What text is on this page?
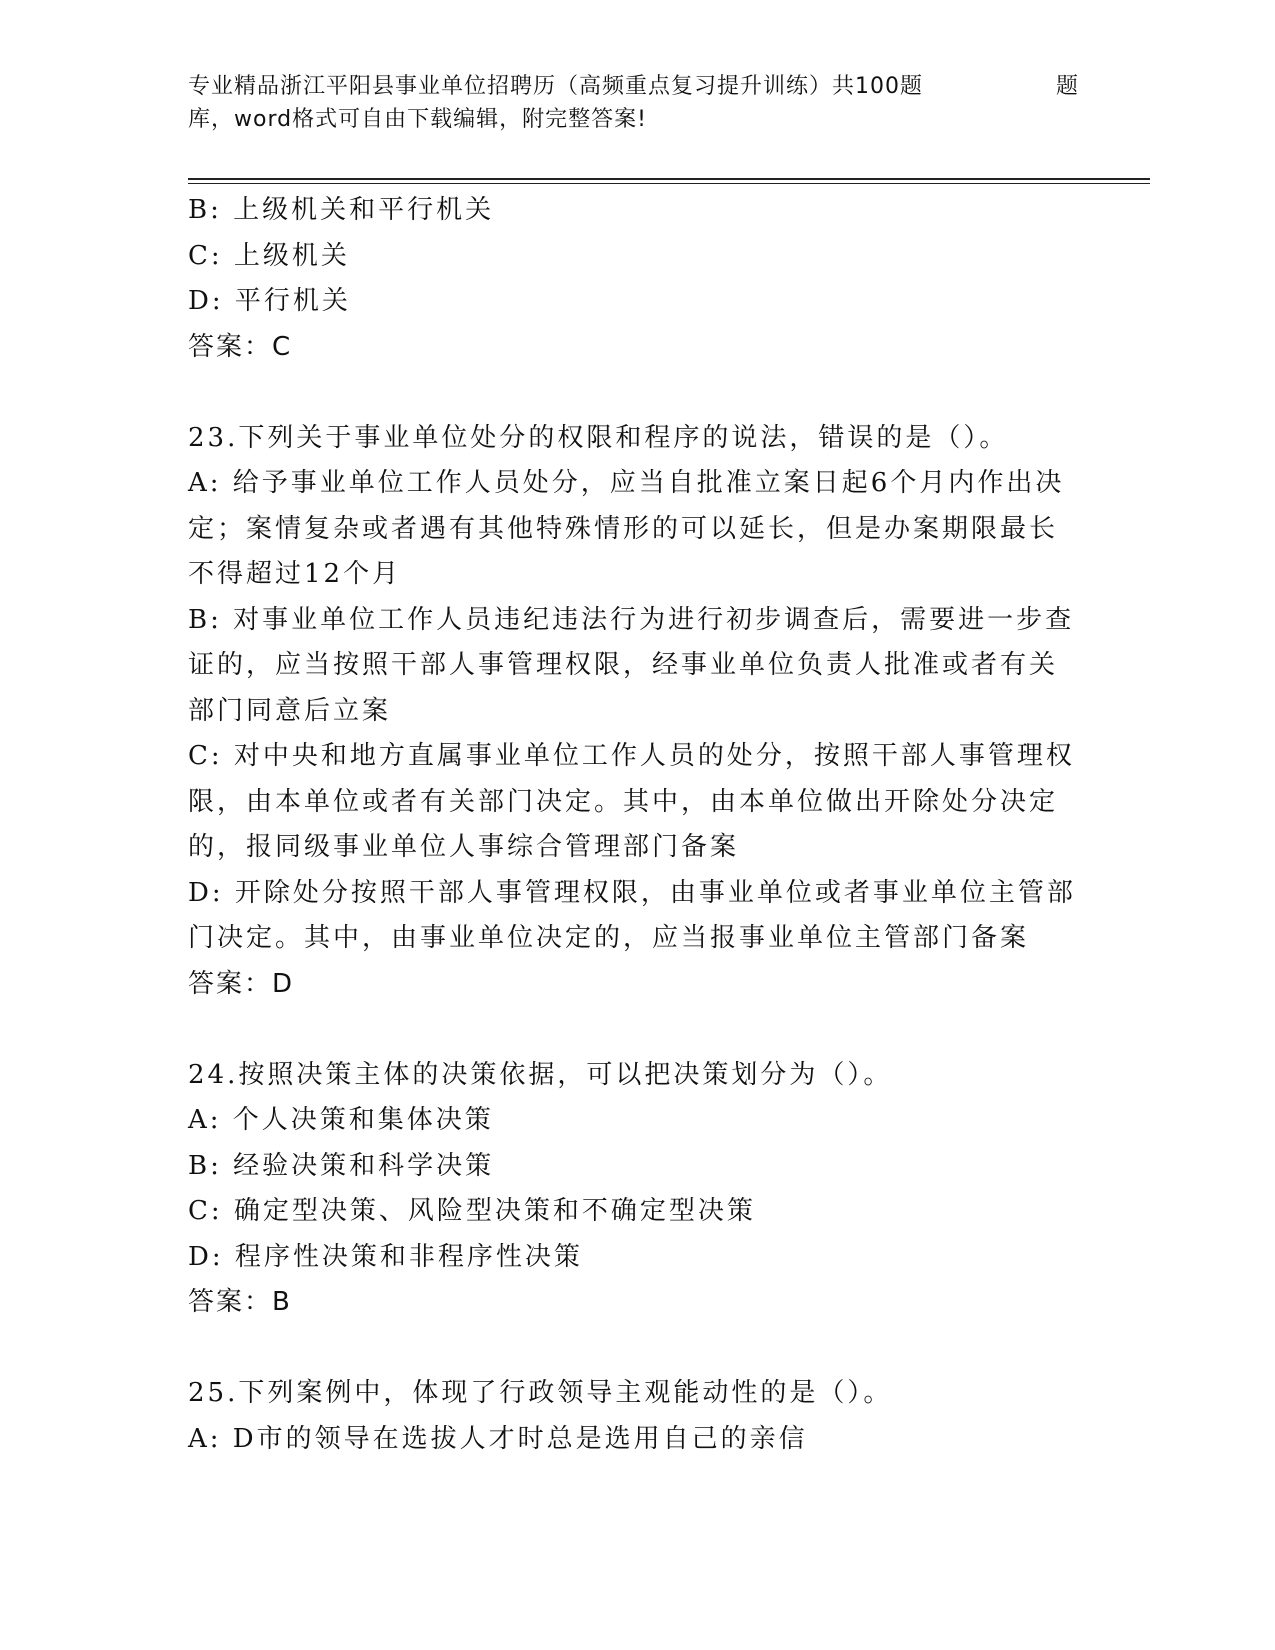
专业精品浙江平阳县事业单位招聘历（高频重点复习提升训练）共100题	题
库，word格式可自由下载编辑，附完整答案!
B: 上级机关和平行机关
C: 上级机关
D: 平行机关
答案：C
23.下列关于事业单位处分的权限和程序的说法，错误的是（）。
A: 给予事业单位工作人员处分，应当自批准立案日起6个月内作出决
定；案情复杂或者遇有其他特殊情形的可以延长，但是办案期限最长
不得超过12个月
B: 对事业单位工作人员违纪违法行为进行初步调查后，需要进一步查
证的，应当按照干部人事管理权限，经事业单位负责人批准或者有关
部门同意后立案
C: 对中央和地方直属事业单位工作人员的处分，按照干部人事管理权
限，由本单位或者有关部门决定。其中，由本单位做出开除处分决定
的，报同级事业单位人事综合管理部门备案
D: 开除处分按照干部人事管理权限，由事业单位或者事业单位主管部
门决定。其中，由事业单位决定的，应当报事业单位主管部门备案
答案：D
24.按照决策主体的决策依据，可以把决策划分为（）。
A: 个人决策和集体决策
B: 经验决策和科学决策
C: 确定型决策、风险型决策和不确定型决策
D: 程序性决策和非程序性决策
答案：B
25.下列案例中，体现了行政领导主观能动性的是（）。
A: D市的领导在选拔人才时总是选用自己的亲信
